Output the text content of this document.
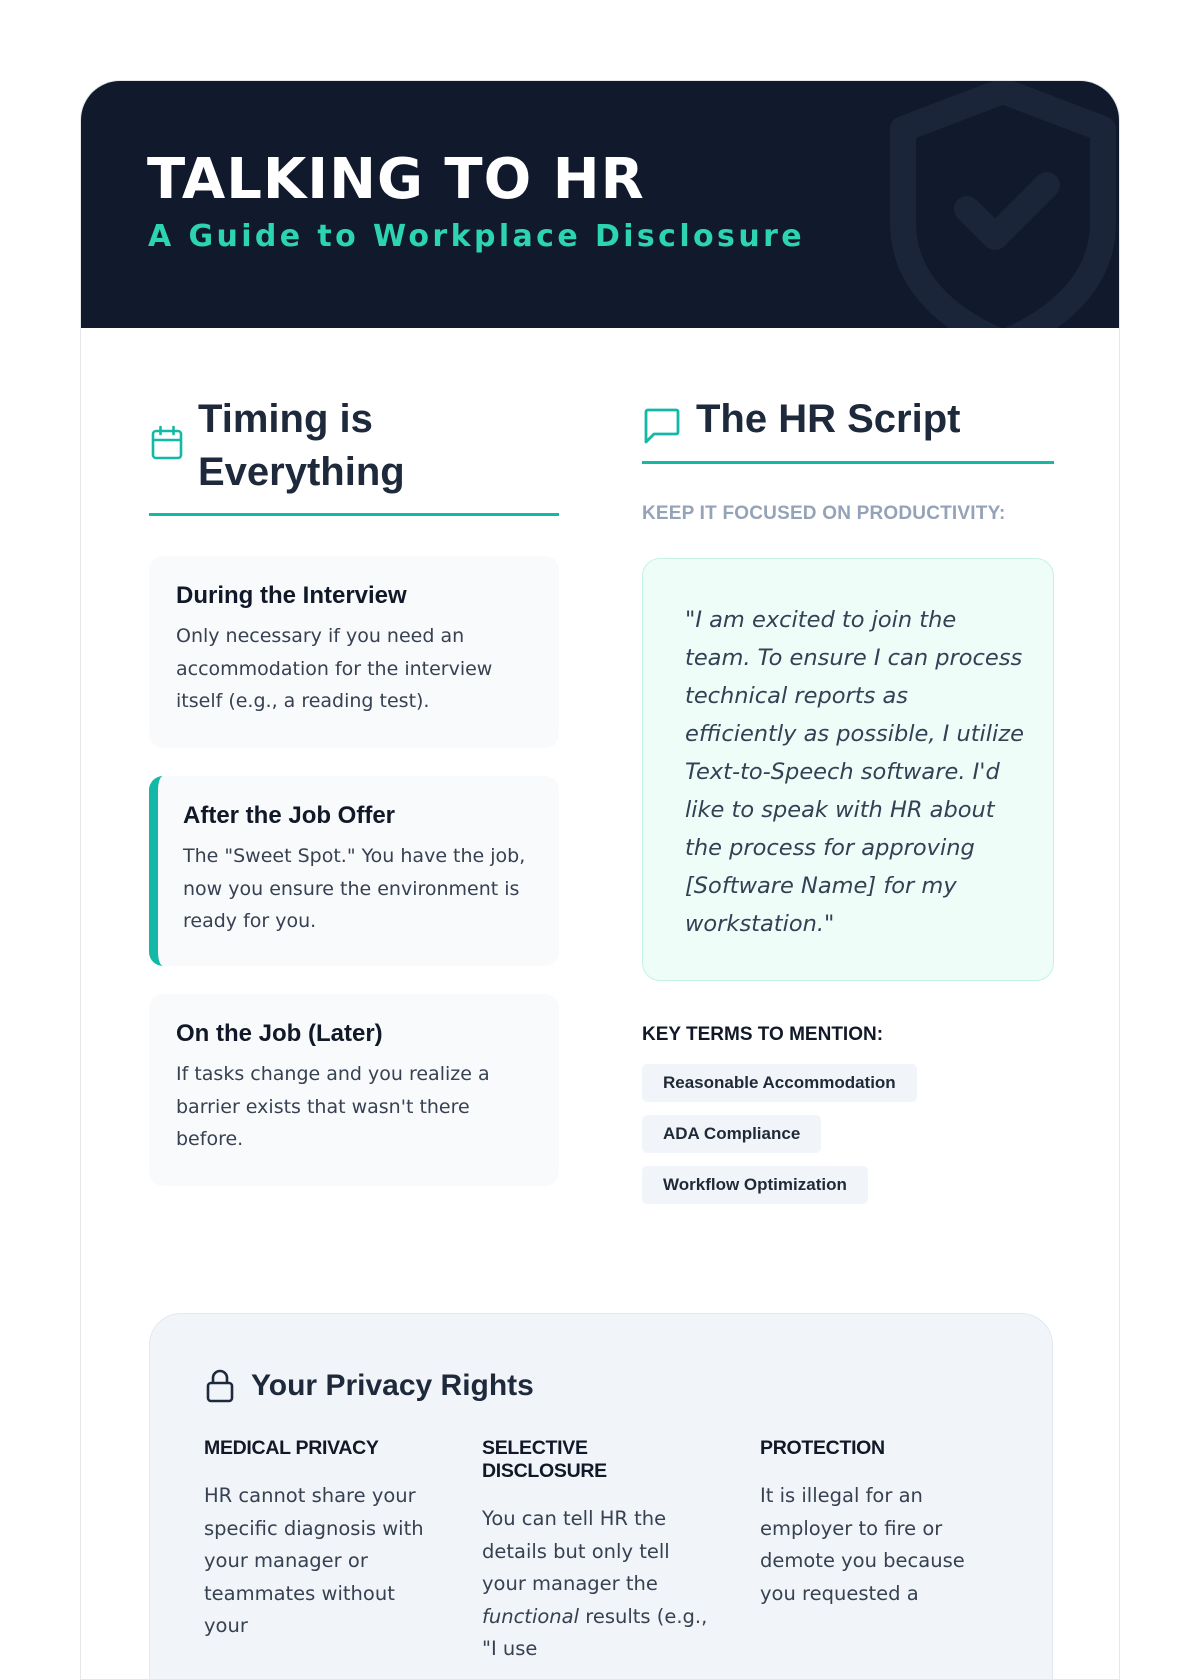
TALKING TO HR
A Guide to Workplace Disclosure
Timing is Everything
During the Interview

Only necessary if you need an accommodation for the interview itself (e.g., a reading test).

After the Job Offer

The "Sweet Spot." You have the job, now you ensure the environment is ready for you.

On the Job (Later)

If tasks change and you realize a barrier exists that wasn't there before.

The HR Script
KEEP IT FOCUSED ON PRODUCTIVITY:

"I am excited to join the team. To ensure I can process technical reports as efficiently as possible, I utilize Text-to-Speech software. I'd like to speak with HR about the process for approving [Software Name] for my workstation."

KEY TERMS TO MENTION:
Reasonable Accommodation
ADA Compliance
Workflow Optimization
Your Privacy Rights
MEDICAL PRIVACY

HR cannot share your specific diagnosis with your manager or teammates without your

SELECTIVE DISCLOSURE

You can tell HR the details but only tell your manager the functional results (e.g., "I use

PROTECTION

It is illegal for an employer to fire or demote you because you requested a
